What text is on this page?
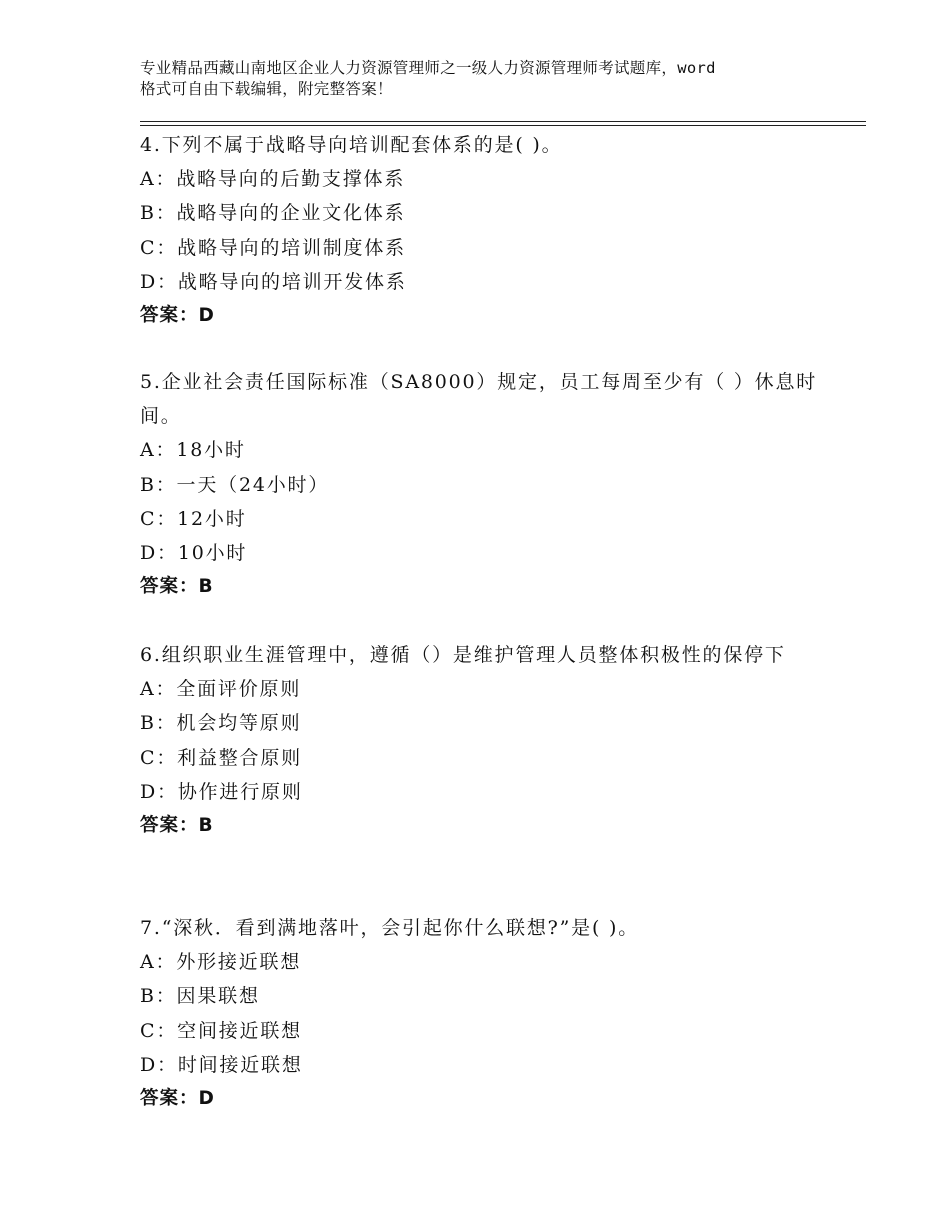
专业精品西藏山南地区企业人力资源管理师之一级人力资源管理师考试题库，word
格式可自由下载编辑，附完整答案！
4.下列不属于战略导向培训配套体系的是( )。
A：战略导向的后勤支撑体系
B：战略导向的企业文化体系
C：战略导向的培训制度体系
D：战略导向的培训开发体系
答案：D
5.企业社会责任国际标准（SA8000）规定，员工每周至少有（ ）休息时间。
A：18小时
B：一天（24小时）
C：12小时
D：10小时
答案：B
6.组织职业生涯管理中，遵循（）是维护管理人员整体积极性的保停下
A：全面评价原则
B：机会均等原则
C：利益整合原则
D：协作进行原则
答案：B
7.“深秋．看到满地落叶，会引起你什么联想?”是( )。
A：外形接近联想
B：因果联想
C：空间接近联想
D：时间接近联想
答案：D
